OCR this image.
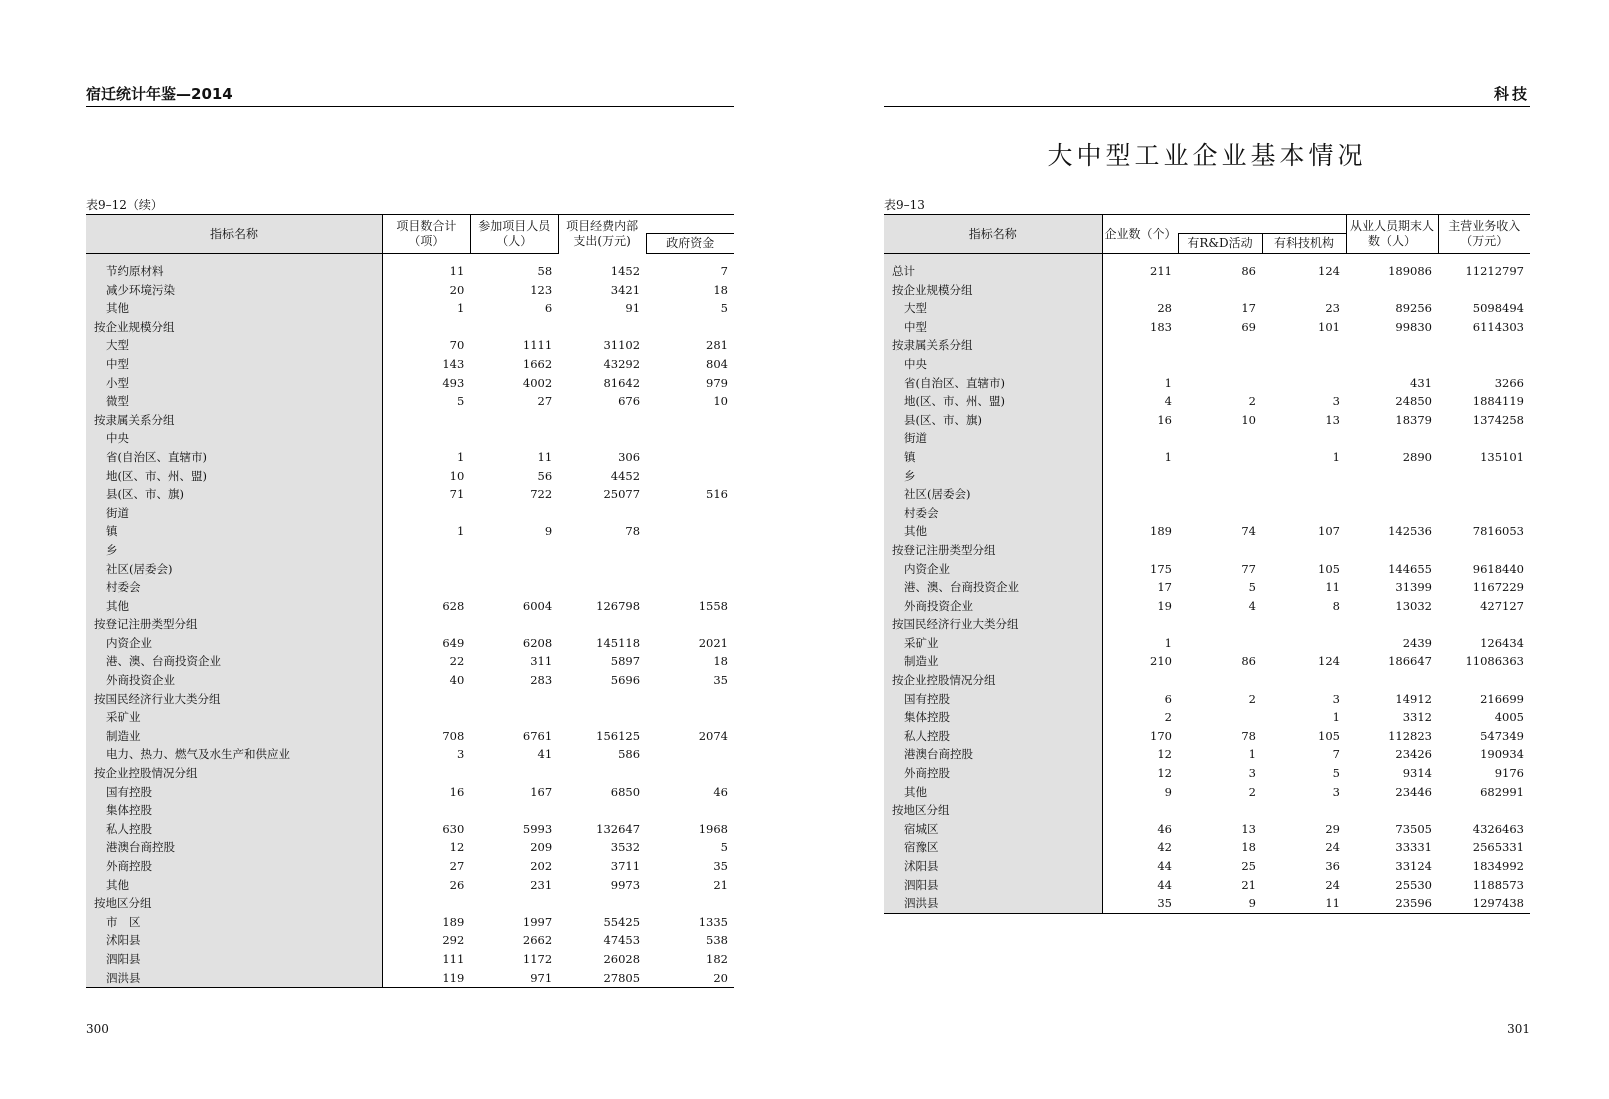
宿迁统计年鉴—2014
表9–12（续）
指标名称	项目数合计（项）	参加项目人员（人）	项目经费内部支出(万元)	
				政府资金

节约原材料	11	58	1452	7
减少环境污染	20	123	3421	18
其他	1	6	91	5
按企业规模分组				
大型	70	1111	31102	281
中型	143	1662	43292	804
小型	493	4002	81642	979
微型	5	27	676	10
按隶属关系分组				
中央				
省(自治区、直辖市)	1	11	306	
地(区、市、州、盟)	10	56	4452	
县(区、市、旗)	71	722	25077	516
街道				
镇	1	9	78	
乡				
社区(居委会)				
村委会				
其他	628	6004	126798	1558
按登记注册类型分组				
内资企业	649	6208	145118	2021
港、澳、台商投资企业	22	311	5897	18
外商投资企业	40	283	5696	35
按国民经济行业大类分组				
采矿业				
制造业	708	6761	156125	2074
电力、热力、燃气及水生产和供应业	3	41	586	
按企业控股情况分组				
国有控股	16	167	6850	46
集体控股				
私人控股	630	5993	132647	1968
港澳台商控股	12	209	3532	5
外商控股	27	202	3711	35
其他	26	231	9973	21
按地区分组				
市　区	189	1997	55425	1335
沭阳县	292	2662	47453	538
泗阳县	111	1172	26028	182
泗洪县	119	971	27805	20
300
科技
大中型工业企业基本情况
表9–13
指标名称	企业数（个）			从业人员期末人数（人）	主营业务收入（万元）
		有R&D活动	有科技机构		

总计	211	86	124	189086	11212797
按企业规模分组					
大型	28	17	23	89256	5098494
中型	183	69	101	99830	6114303
按隶属关系分组					
中央					
省(自治区、直辖市)	1			431	3266
地(区、市、州、盟)	4	2	3	24850	1884119
县(区、市、旗)	16	10	13	18379	1374258
街道					
镇	1		1	2890	135101
乡					
社区(居委会)					
村委会					
其他	189	74	107	142536	7816053
按登记注册类型分组					
内资企业	175	77	105	144655	9618440
港、澳、台商投资企业	17	5	11	31399	1167229
外商投资企业	19	4	8	13032	427127
按国民经济行业大类分组					
采矿业	1			2439	126434
制造业	210	86	124	186647	11086363
按企业控股情况分组					
国有控股	6	2	3	14912	216699
集体控股	2		1	3312	4005
私人控股	170	78	105	112823	547349
港澳台商控股	12	1	7	23426	190934
外商控股	12	3	5	9314	9176
其他	9	2	3	23446	682991
按地区分组					
宿城区	46	13	29	73505	4326463
宿豫区	42	18	24	33331	2565331
沭阳县	44	25	36	33124	1834992
泗阳县	44	21	24	25530	1188573
泗洪县	35	9	11	23596	1297438
301
